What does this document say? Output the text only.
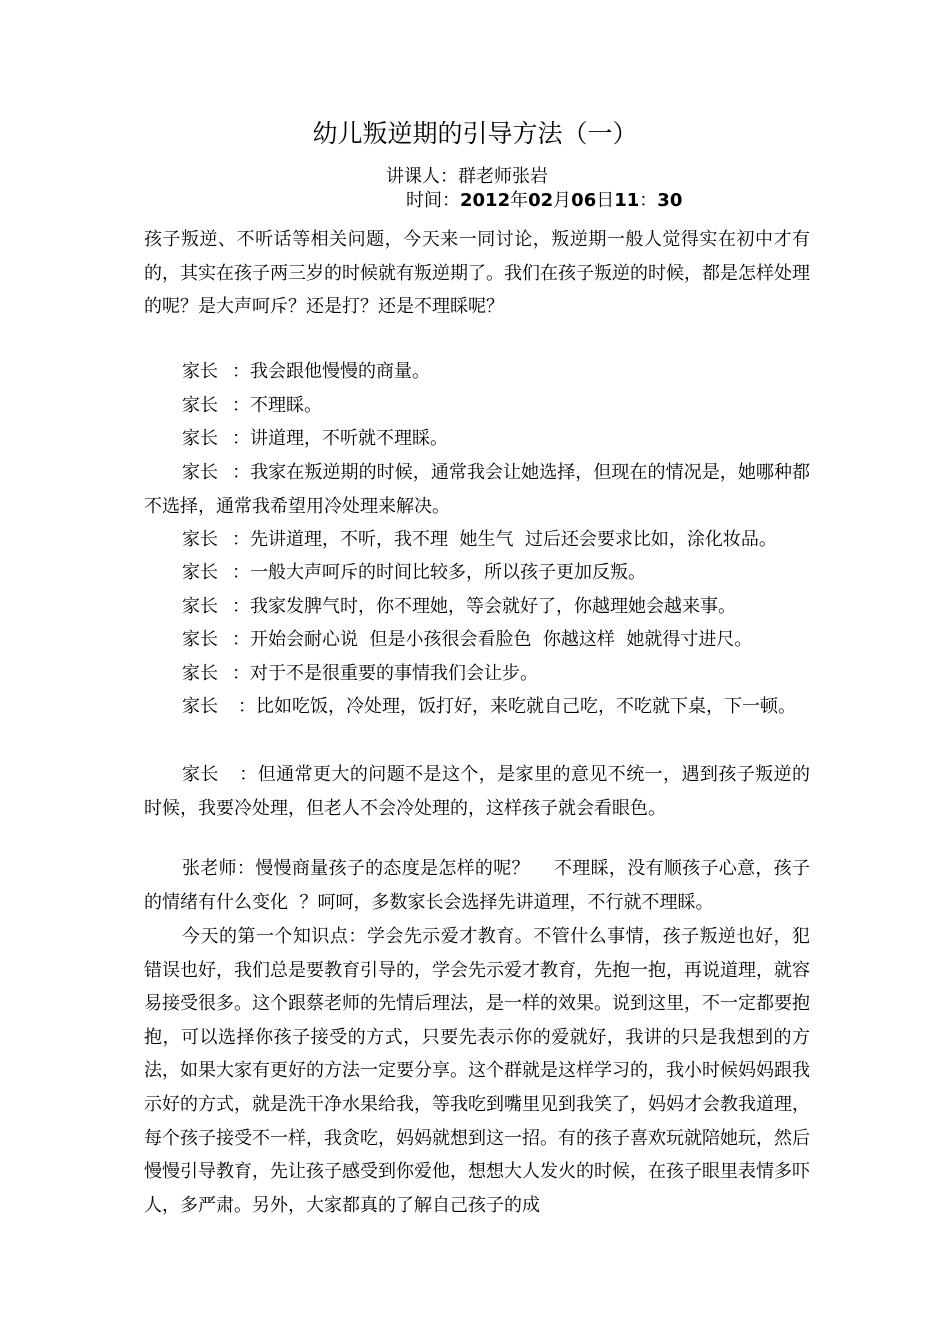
幼儿叛逆期的引导方法（一）
讲课人：群老师张岩
时间：2012年02月06日11：30

孩子叛逆、不听话等相关问题，今天来一同讨论，叛逆期一般人觉得实在初中才有的，其实在孩子两三岁的时候就有叛逆期了。我们在孩子叛逆的时候，都是怎样处理的呢？是大声呵斥？还是打？还是不理睬呢？

家长 ：我会跟他慢慢的商量。

家长 ：不理睬。

家长 ：讲道理，不听就不理睬。

家长 ：我家在叛逆期的时候，通常我会让她选择，但现在的情况是，她哪种都不选择，通常我希望用冷处理来解决。

家长 ：先讲道理，不听，我不理  她生气  过后还会要求比如，涂化妆品。

家长 ：一般大声呵斥的时间比较多，所以孩子更加反叛。

家长 ：我家发脾气时，你不理她，等会就好了，你越理她会越来事。

家长 ：开始会耐心说  但是小孩很会看脸色  你越这样  她就得寸进尺。

家长 ：对于不是很重要的事情我们会让步。

家长 ：比如吃饭，冷处理，饭打好，来吃就自己吃，不吃就下桌，下一顿。

家长 ：但通常更大的问题不是这个，是家里的意见不统一，遇到孩子叛逆的时候，我要冷处理，但老人不会冷处理的，这样孩子就会看眼色。

张老师：慢慢商量孩子的态度是怎样的呢？    不理睬，没有顺孩子心意，孩子的情绪有什么变化  ？呵呵，多数家长会选择先讲道理，不行就不理睬。

今天的第一个知识点：学会先示爱才教育。不管什么事情，孩子叛逆也好，犯错误也好，我们总是要教育引导的，学会先示爱才教育，先抱一抱，再说道理，就容易接受很多。这个跟蔡老师的先情后理法，是一样的效果。说到这里，不一定都要抱抱，可以选择你孩子接受的方式，只要先表示你的爱就好，我讲的只是我想到的方法，如果大家有更好的方法一定要分享。这个群就是这样学习的，我小时候妈妈跟我示好的方式，就是洗干净水果给我，等我吃到嘴里见到我笑了，妈妈才会教我道理，每个孩子接受不一样，我贪吃，妈妈就想到这一招。有的孩子喜欢玩就陪她玩，然后慢慢引导教育，先让孩子感受到你爱他，想想大人发火的时候，在孩子眼里表情多吓人，多严肃。另外，大家都真的了解自己孩子的成
